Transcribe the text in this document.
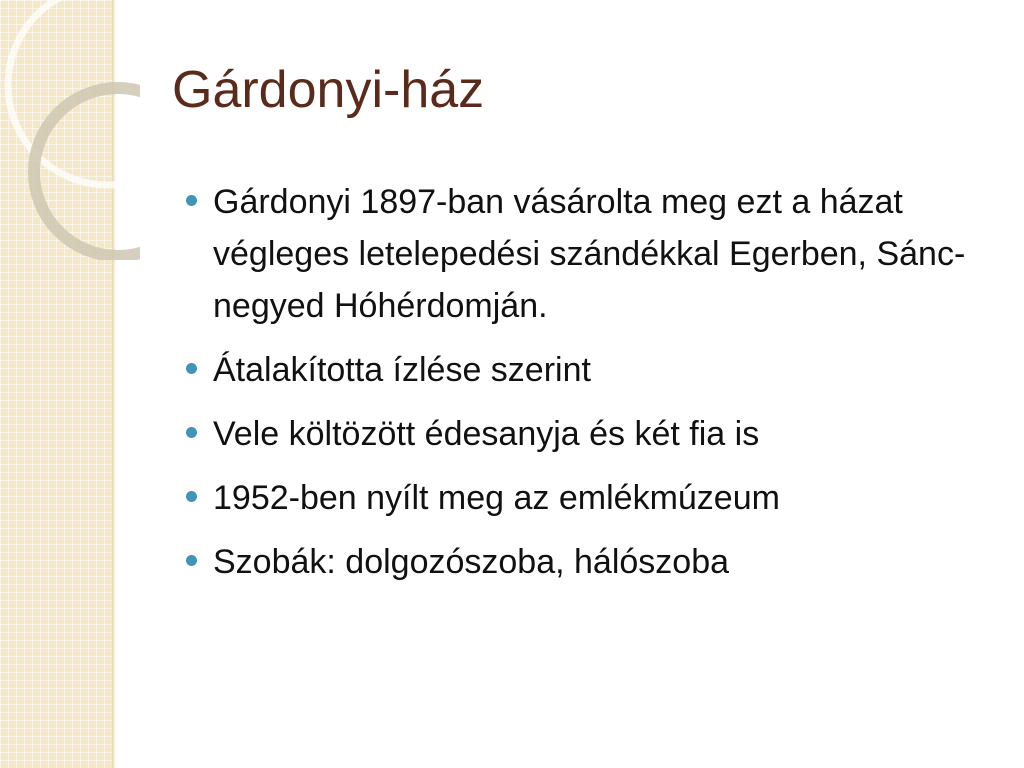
Gárdonyi-ház
Gárdonyi 1897-ban vásárolta meg ezt a házat végleges letelepedési szándékkal Egerben, Sánc-negyed Hóhérdomján.
Átalakította ízlése szerint
Vele költözött édesanyja és két fia is
1952-ben nyílt meg az emlékmúzeum
Szobák: dolgozószoba, hálószoba
